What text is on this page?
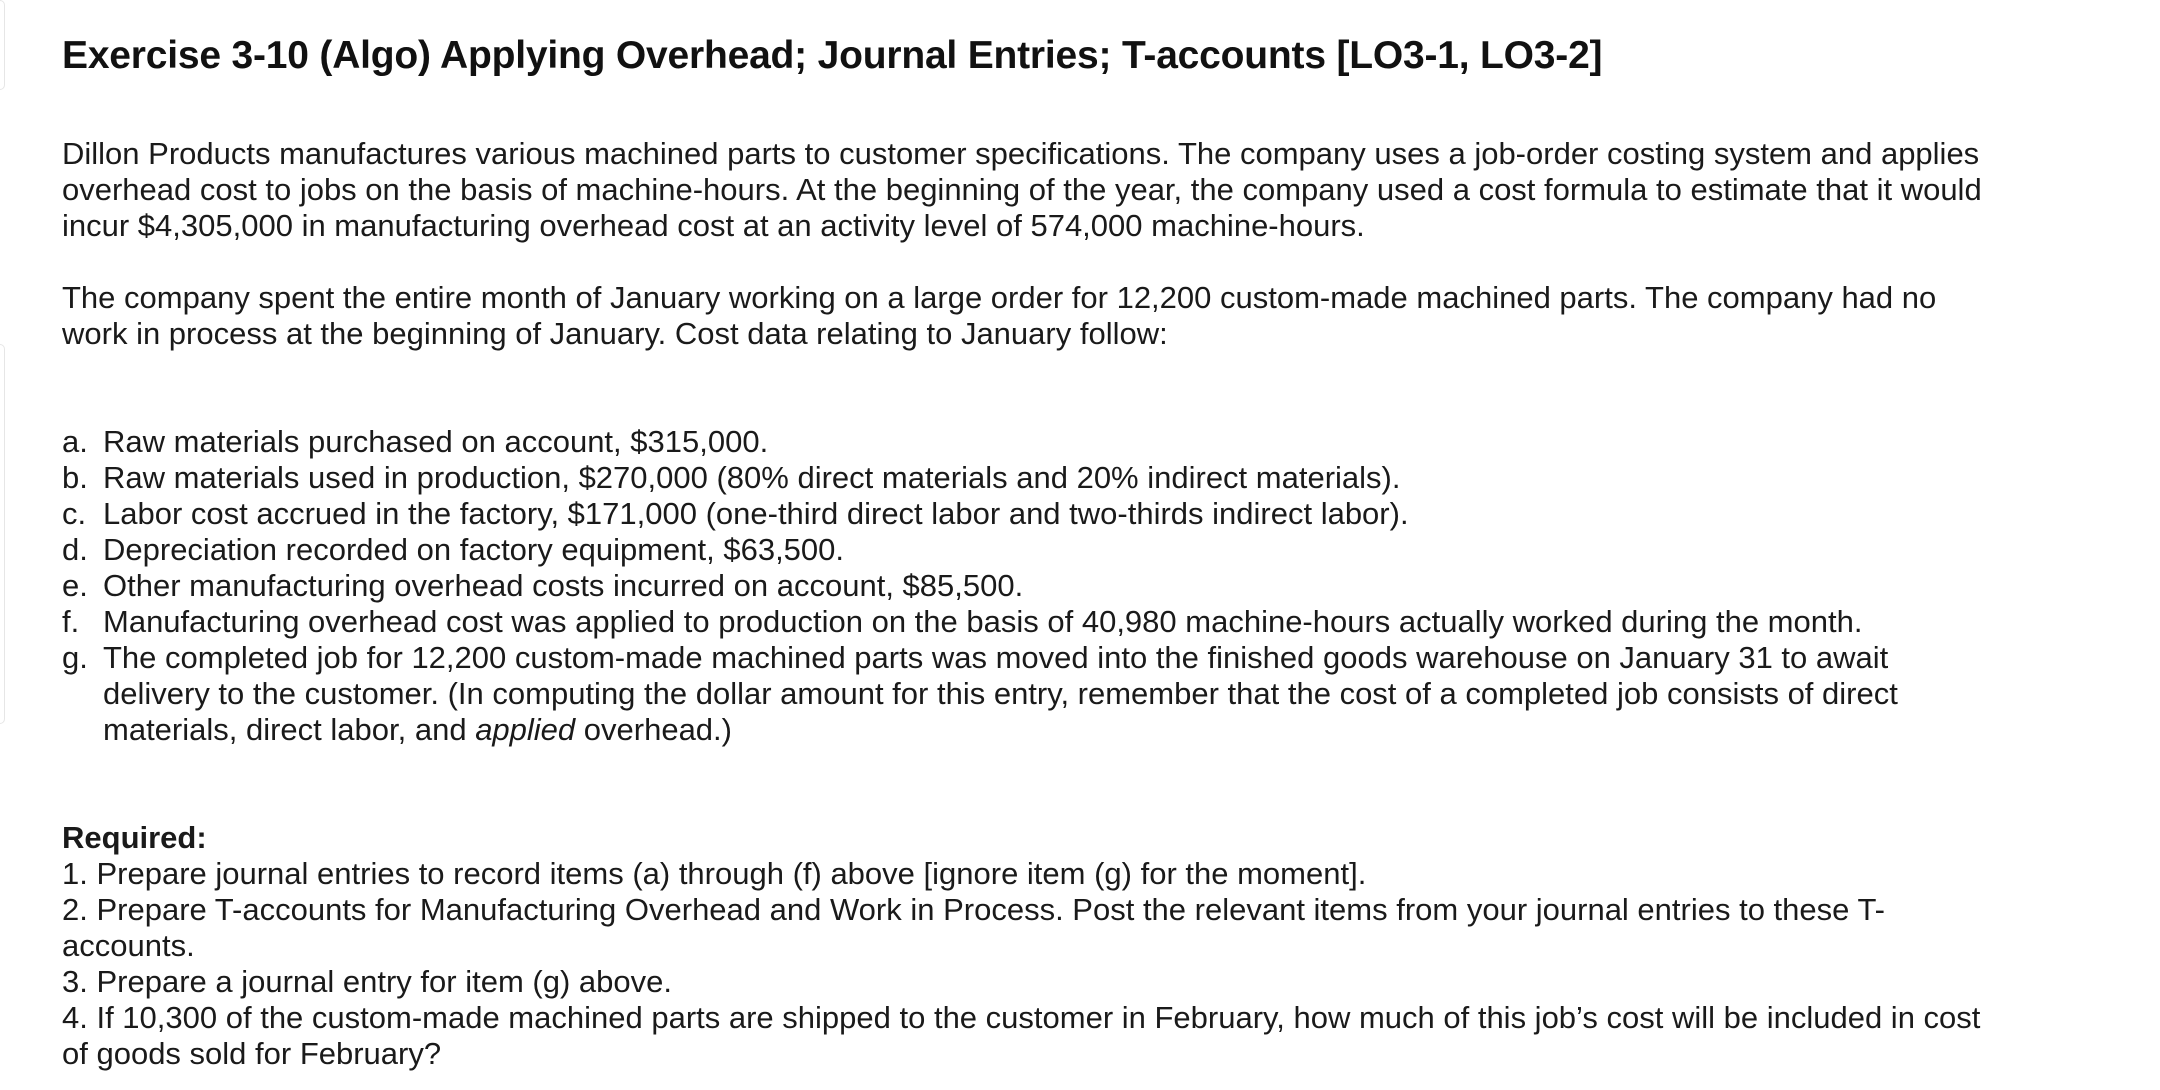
Exercise 3-10 (Algo) Applying Overhead; Journal Entries; T-accounts [LO3-1, LO3-2]

Dillon Products manufactures various machined parts to customer specifications. The company uses a job-order costing system and applies overhead cost to jobs on the basis of machine-hours. At the beginning of the year, the company used a cost formula to estimate that it would incur $4,305,000 in manufacturing overhead cost at an activity level of 574,000 machine-hours.

The company spent the entire month of January working on a large order for 12,200 custom-made machined parts. The company had no work in process at the beginning of January. Cost data relating to January follow:

a. Raw materials purchased on account, $315,000.
b. Raw materials used in production, $270,000 (80% direct materials and 20% indirect materials).
c. Labor cost accrued in the factory, $171,000 (one-third direct labor and two-thirds indirect labor).
d. Depreciation recorded on factory equipment, $63,500.
e. Other manufacturing overhead costs incurred on account, $85,500.
f. Manufacturing overhead cost was applied to production on the basis of 40,980 machine-hours actually worked during the month.
g. The completed job for 12,200 custom-made machined parts was moved into the finished goods warehouse on January 31 to await delivery to the customer. (In computing the dollar amount for this entry, remember that the cost of a completed job consists of direct materials, direct labor, and applied overhead.)
Required:
1. Prepare journal entries to record items (a) through (f) above [ignore item (g) for the moment].
2. Prepare T-accounts for Manufacturing Overhead and Work in Process. Post the relevant items from your journal entries to these T-accounts.
3. Prepare a journal entry for item (g) above.
4. If 10,300 of the custom-made machined parts are shipped to the customer in February, how much of this job’s cost will be included in cost of goods sold for February?
